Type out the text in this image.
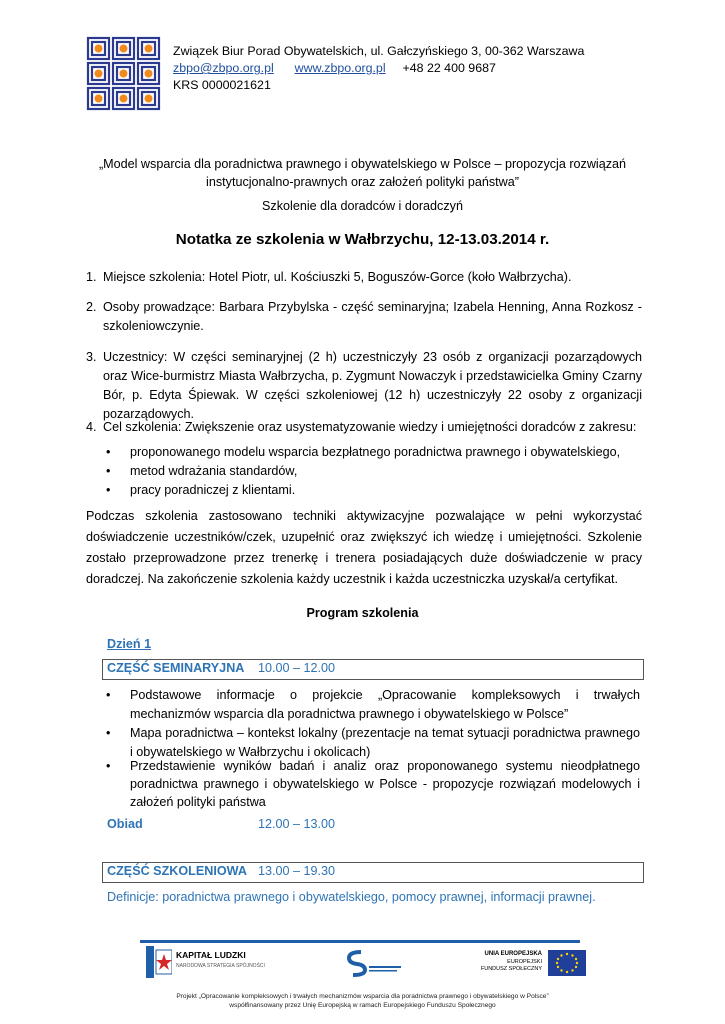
Związek Biur Porad Obywatelskich, ul. Gałczyńskiego 3, 00-362 Warszawa
zbpo@zbpo.org.pl www.zbpo.org.pl +48 22 400 9687
KRS 0000021621
„Model wsparcia dla poradnictwa prawnego i obywatelskiego w Polsce – propozycja rozwiązań
instytucjonalno-prawnych oraz założeń polityki państwa”
Szkolenie dla doradców i doradczyń
Notatka ze szkolenia w Wałbrzychu, 12-13.03.2014 r.
1. Miejsce szkolenia: Hotel Piotr, ul. Kościuszki 5, Boguszów-Gorce (koło Wałbrzycha).
2. Osoby prowadzące: Barbara Przybylska - część seminaryjna; Izabela Henning, Anna Rozkosz - szkoleniowczynie.
3. Uczestnicy: W części seminaryjnej (2 h) uczestniczyły 23 osób z organizacji pozarządowych oraz Wice-burmistrz Miasta Wałbrzycha, p. Zygmunt Nowaczyk i przedstawicielka Gminy Czarny Bór, p. Edyta Śpiewak. W części szkoleniowej (12 h) uczestniczyły 22 osoby z organizacji pozarządowych.
4. Cel szkolenia: Zwiększenie oraz usystematyzowanie wiedzy i umiejętności doradców z zakresu:
•	proponowanego modelu wsparcia bezpłatnego poradnictwa prawnego i obywatelskiego,
•	metod wdrażania standardów,
•	pracy poradniczej z klientami.

Podczas szkolenia zastosowano techniki aktywizacyjne pozwalające w pełni wykorzystać doświadczenie uczestników/czek, uzupełnić oraz zwiększyć ich wiedzę i umiejętności. Szkolenie zostało przeprowadzone przez trenerkę i trenera posiadających duże doświadczenie w pracy doradczej. Na zakończenie szkolenia każdy uczestnik i każda uczestniczka uzyskał/a certyfikat.

Program szkolenia
Dzień 1
CZĘŚĆ SEMINARYJNA 10.00 – 12.00
•	Podstawowe informacje o projekcie „Opracowanie kompleksowych i trwałych mechanizmów wsparcia dla poradnictwa prawnego i obywatelskiego w Polsce”
•	Mapa poradnictwa – kontekst lokalny (prezentacje na temat sytuacji poradnictwa prawnego i obywatelskiego w Wałbrzychu i okolicach)
•	Przedstawienie wyników badań i analiz oraz proponowanego systemu nieodpłatnego poradnictwa prawnego i obywatelskiego w Polsce - propozycje rozwiązań modelowych i założeń polityki państwa
Obiad	12.00 – 13.00
CZĘŚĆ SZKOLENIOWA 13.00 – 19.30
Definicje: poradnictwa prawnego i obywatelskiego, pomocy prawnej, informacji prawnej.
KAPITAŁ LUDZKI
NARODOWA STRATEGIA SPÓJNOŚCI
UNIA EUROPEJSKA
EUROPEJSKI
FUNDUSZ SPOŁECZNY
Projekt „Opracowanie kompleksowych i trwałych mechanizmów wsparcia dla poradnictwa prawnego i obywatelskiego w Polsce”
współfinansowany przez Unię Europejską w ramach Europejskiego Funduszu Społecznego
